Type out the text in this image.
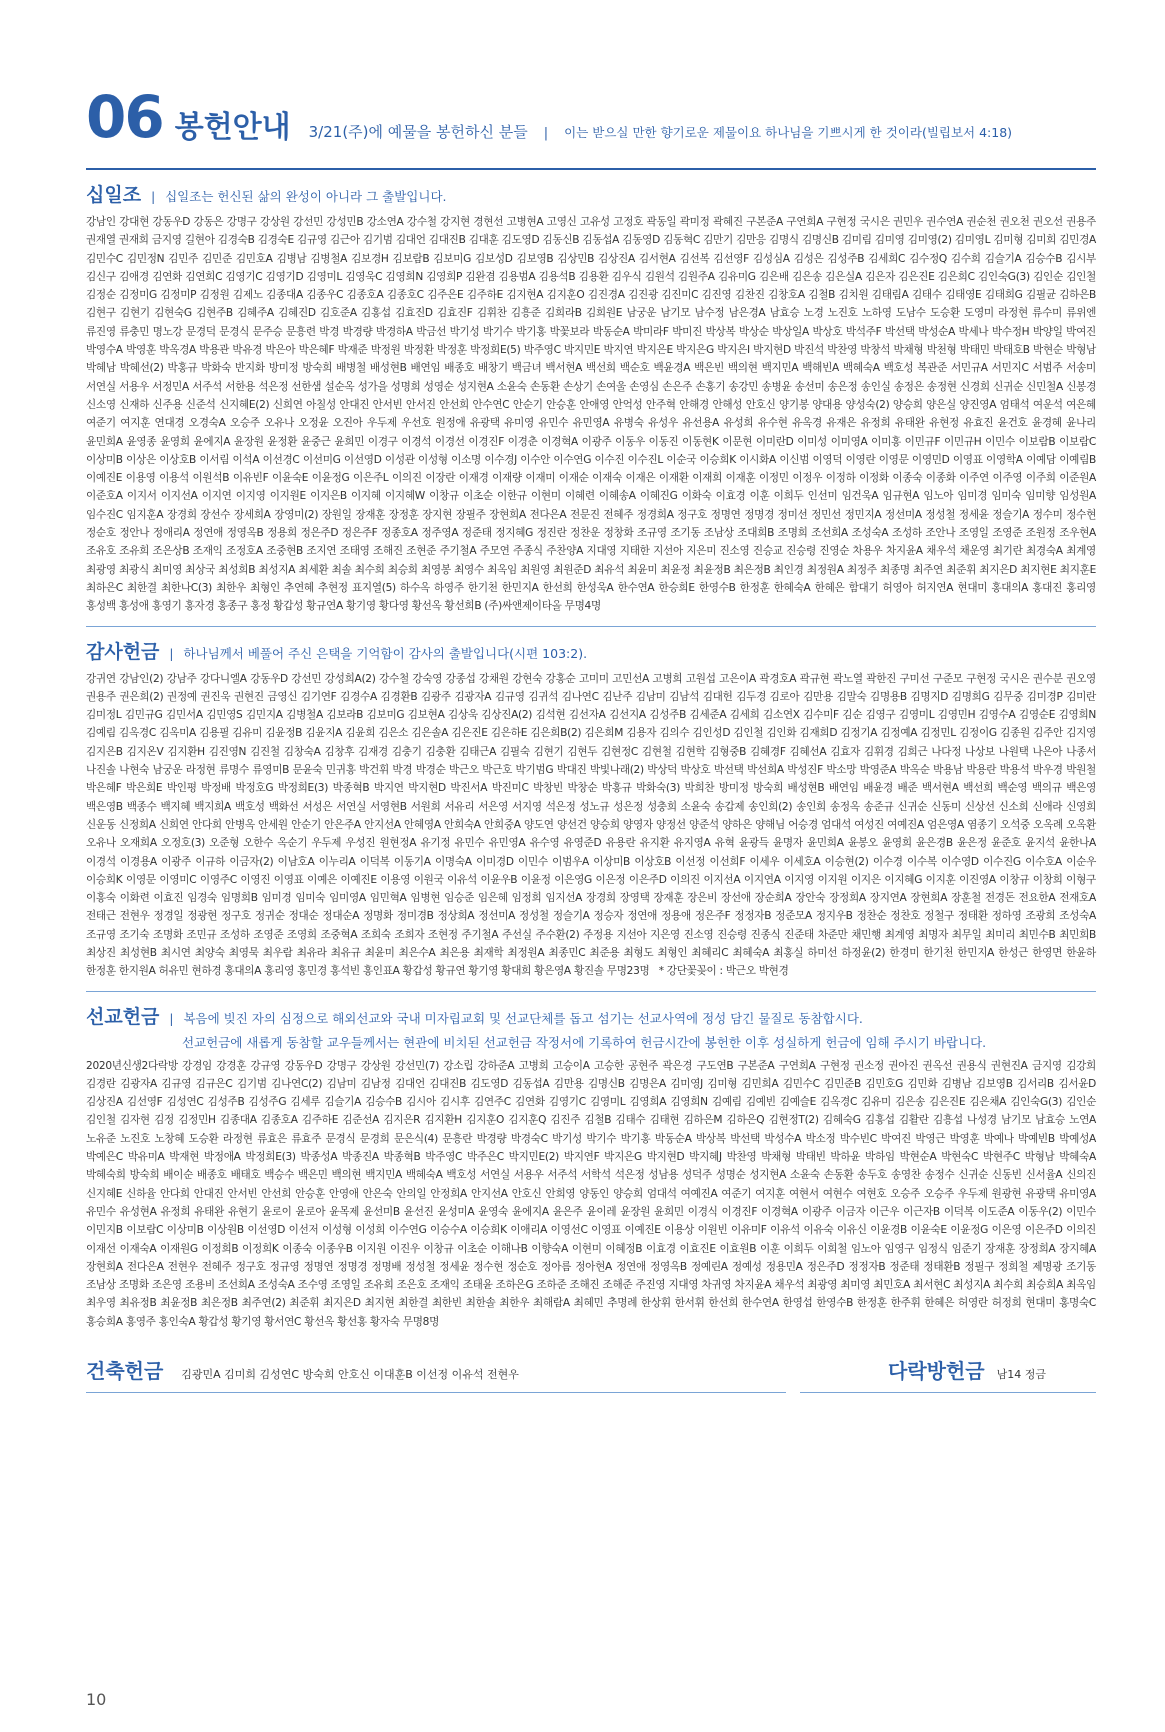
06 봉헌안내 3/21(주)에 예물을 봉헌하신 분들 | 이는 받으실 만한 향기로운 제물이요 하나님을 기쁘시게 한 것이라(빌립보서 4:18)
십일조 | 십일조는 헌신된 삶의 완성이 아니라 그 출발입니다.
강남인 강대현 강동우D 강동은 강명구 강상원 강선민 강성민B 강소연A 강수철 강지현 경현선 고병현A 고영신 고유성 고정호 곽동일 곽미정 곽혜진 구본준A 구연희A 구현정 국시은 권민우 권수연A 권순천 권오천 권오선 권용주 권재열 권재희 금지영 길현아 김경숙B 김경숙E 김규영 김근아 김기범 김대언 김대진B 김대훈 김도영D 김동신B 김동섭A 김동영D 김동혁C 김만기 김만응 김명식 김명신B 김미림 김미영 김미영(2) 김미영L 김미형 김미희 김민경A 김민수C 김민정N 김민주 김민준 김민호A 김병남 김병철A 김보경H 김보람B 김보미G 김보성D 김보영B 김상민B 김상진A 김서현A 김선복 김선영F 김성심A 김성은 김성주B 김세희C 김수정Q 김수희 김슬기A 김승수B 김시부 김신구 김애경 김연화 김연희C 김영기C 김영기D 김영미L 김영욱C 김영희N 김영희P 김완겸 김용범A 김용석B 김용환 김우식 김원석 김원주A 김유미G 김은배 김은송 김은실A 김은자 김은진E 김은희C 김인숙G(3) 김인순 김인철 김정순 김정미G 김정미P 김정원 김제노 김종대A 김종우C 김종호A 김종호C 김주은E 김주하E 김지현A 김지훈O 김진경A 김진광 김진미C 김진영 김찬진 김창호A 김철B 김치원 김태림A 김태수 김태영E 김태희G 김필균 김하은B 김현구 김현기 김현숙G 김현주B 김혜주A 김혜진D 김호준A 김홍섭 김효진D 김효진F 김휘찬 김흥준 김희라B 김희원E 남궁운 남기모 남수정 남은경A 남효승 노경 노진호 노하영 도남수 도승환 도영미 라정현 류수미 류위엔 류진영 류충민 명노강 문경덕 문경식 문주승 문흥련 박경 박경량 박경하A 박금선 박기성 박기수 박기홍 박꽃보라 박동순A 박미라F 박미진 박상복 박상순 박상일A 박상호 박석주F 박선택 박성순A 박세나 박수정H 박양일 박여진 박영수A 박영훈 박옥경A 박용관 박유경 박은아 박은혜F 박재준 박정원 박정환 박정훈 박정희E(5) 박주영C 박지민E 박지연 박지은E 박지은G 박지은I 박지현D 박진석 박찬영 박창석 박채형 박천형 박태민 박태호B 박현순 박형남 박혜남 박혜선(2) 박홍규 박화숙 반지화 방미정 방숙희 배병철 배성현B 배연임 배종호 배창기 백금녀 백서현A 백선희 백순호 백윤경A 백은빈 백의현 백지민A 백해빈A 백혜숙A 백호성 복관준 서민규A 서민지C 서범주 서송미 서연실 서용우 서정민A 서주석 서한용 석은정 선한샘 설순옥 성가을 성명희 성영순 성지현A 소윤숙 손동환 손상기 손여울 손영심 손은주 손홍기 송강민 송병윤 송선미 송은정 송인실 송정은 송정현 신경희 신귀순 신민철A 신봉경 신소영 신재하 신주용 신준석 신지혜E(2) 신희연 아칠성 안대진 안서빈 안서진 안선희 안수연C 안순기 안승훈 안애영 안억성 안주혁 안해경 안해성 안호신 양기봉 양대용 양성숙(2) 양승희 양은실 양진영A 엄태석 여운석 여은혜 여준기 여지훈 연대경 오경숙A 오승주 오유나 오정윤 오진아 우두제 우선호 원정애 유광택 유미영 유민수 유민영A 유병숙 유성우 유선용A 유성희 유수현 유옥경 유재은 유정희 유태완 유현정 유효진 윤건호 윤경혜 윤나리 윤민희A 윤영종 윤영희 윤에지A 윤장원 윤정환 윤중근 윤희민 이경구 이경석 이경선 이경진F 이경춘 이경혁A 이광주 이동우 이동진 이동현K 이문현 이미란D 이미성 이미영A 이미홍 이민규F 이민규H 이민수 이보람B 이보람C 이상미B 이상은 이상호B 이서림 이석A 이선경C 이선미G 이선영D 이성관 이성형 이소명 이수경J 이수안 이수연G 이수진 이수진L 이순국 이승희K 이시화A 이신범 이영덕 이영란 이영문 이영민D 이영표 이영학A 이예담 이예림B 이예진E 이용영 이용석 이원석B 이유빈F 이윤숙E 이윤정G 이은주L 이의진 이장란 이재경 이재량 이재미 이재순 이재숙 이재은 이재환 이재희 이재훈 이정민 이정우 이정하 이정화 이종숙 이종화 이주연 이주영 이주희 이준원A 이준호A 이지서 이지선A 이지연 이지영 이지원E 이지은B 이지혜 이지혜W 이창규 이초순 이한규 이현미 이혜련 이혜송A 이혜진G 이화숙 이효경 이훈 이희두 인선미 임건욱A 임규현A 임노아 임미경 임미숙 임미향 임성원A 임수진C 임지훈A 장경희 장선수 장세희A 장영미(2) 장원일 장재훈 장정훈 장지현 장필주 장현희A 전다은A 전문진 전혜주 정경희A 정구호 정명연 정명경 정미선 정민선 정민지A 정선미A 정성철 정세윤 정슬기A 정수미 정수현 정순호 정안나 정애리A 정연애 정영옥B 정용희 정은주D 정은주F 정종호A 정주영A 정준태 정지혜G 정진란 정찬운 정창화 조규영 조기동 조남상 조대희B 조명희 조선희A 조성숙A 조성하 조안나 조영일 조영준 조원정 조우현A 조유호 조유희 조은상B 조재익 조정호A 조중현B 조지연 조태영 조해진 조현준 주기철A 주모연 주종식 주찬양A 지대영 지태한 지선아 지은미 진소영 진승교 진승령 진영순 차용우 차지윤A 채우석 채운영 최기란 최경숙A 최계영 최광영 최광식 최미영 최상국 최성희B 최성지A 최세환 최솔 최수희 최승희 최영봉 최영수 최옥임 최원영 최원준D 최유석 최윤미 최윤정 최윤정B 최은정B 최인경 최정원A 최정주 최종명 최주연 최준휘 최지은D 최지현E 최지훈E 최하은C 최한결 최한나C(3) 최한우 최형인 추연혜 추현정 표지열(5) 하수옥 하영주 한기천 한민지A 한선희 한성욱A 한수연A 한승희E 한영수B 한정훈 한혜숙A 한혜은 함대기 허영아 허지연A 현대미 홍대의A 홍대진 홍리영 홍성백 홍성애 홍영기 홍자경 홍종구 홍정 황갑성 황규연A 황기영 황다영 황선옥 황선희B (주)싸앤제이타올 무명4명
감사헌금 | 하나님께서 베풀어 주신 은택을 기억함이 감사의 출발입니다(시편 103:2).
강귀연 강남인(2) 강남주 강다니엘A 강동우D 강선민 강성희A(2) 강수철 강숙영 강종섭 강채원 강현숙 강홍순 고미미 고민선A 고병희 고원섭 고은이A 곽경호A 곽규현 곽노열 곽한진 구미선 구준모 구현정 국시은 권수분 권오영 권용주 권은희(2) 권정예 권진욱 권현진 금영신 김기연F 김경수A 김경환B 김광주 김광자A 김규영 김귀석 김나연C 김난주 김남미 김남석 김대헌 김두경 김로아 김만용 김말숙 김명용B 김명지D 김명희G 김무중 김미경P 김미란 김미정L 김민규G 김민서A 김민영S 김민지A 김병철A 김보라B 김보미G 김보현A 김상욱 김상진A(2) 김석현 김선자A 김선지A 김성주B 김세준A 김세희 김소연X 김수미F 김순 김영구 김영미L 김영민H 김영수A 김영순E 김영희N 김예림 김옥경C 김옥미A 김용필 김유미 김윤정B 김윤지A 김윤희 김은소 김은솔A 김은진E 김은하E 김은희B(2) 김은희M 김용자 김의수 김인성D 김인철 김인화 김재희D 김정기A 김정예A 김정민L 김정이G 김종원 김주안 김지영 김지은B 김지온V 김지환H 김진영N 김진철 김창숙A 김창후 김재경 김충기 김충환 김태근A 김필숙 김현기 김현두 김현정C 김현철 김현학 김형중B 김혜경F 김혜선A 김효자 김휘경 김희근 나다정 나상보 나원택 나은아 나종서 나진솔 나현숙 남궁운 라정현 류명수 류영미B 문윤숙 민귀홍 박건휘 박경 박경순 박근오 박근호 박기범G 박대진 박빛나래(2) 박상덕 박상호 박선택 박선희A 박성진F 박소망 박영준A 박옥순 박용남 박용란 박용석 박우경 박원철 박은혜F 박은희E 박인평 박정배 박정호G 박정희E(3) 박종혁B 박지연 박지현D 박진서A 박진미C 박창빈 박창순 박홍규 박화숙(3) 박희찬 방미정 방숙희 배성현B 배연임 배윤경 배준 백서현A 백선희 백순영 백의규 백은영 백은영B 백종수 백지혜 백지희A 백호성 백화선 서성은 서연실 서영현B 서원희 서유리 서은영 서지영 석은정 성노규 성은정 성충희 소윤숙 송갑제 송인희(2) 송인희 송정옥 송준규 신귀순 신동미 신상선 신소희 신애라 신영희 신운동 신정희A 신희연 안다희 안병옥 안세원 안순기 안은주A 안지선A 안혜영A 안희숙A 안희중A 양도연 양선건 양승희 양영자 양정선 양준석 양하은 양해님 어승경 엄대석 여성진 여예진A 엄은영A 염종기 오석중 오옥례 오옥환 오유나 오재희A 오정호(3) 오준형 오한수 옥순기 우두제 우성진 원현정A 유기정 유민수 유민영A 유수영 유영준D 유용란 유지환 유지영A 유혁 윤광득 윤명자 윤민희A 윤봉오 윤영희 윤은경B 윤은정 윤준호 윤지석 윤한나A 이경석 이경용A 이광주 이규하 이금자(2) 이남호A 이누리A 이덕복 이동기A 이명숙A 이미경D 이민수 이범우A 이상미B 이상호B 이선정 이선희F 이세우 이세호A 이승현(2) 이수경 이수복 이수영D 이수진G 이수호A 이순우 이승희K 이영문 이영미C 이영주C 이영진 이영표 이예은 이예진E 이용영 이원국 이유석 이윤우B 이윤정 이은영G 이은정 이은주D 이의진 이지선A 이지연A 이지영 이지원 이지은 이지혜G 이지훈 이진영A 이창규 이창희 이형구 이홍숙 이화련 이효진 임경숙 임명희B 임미경 임미숙 임미영A 임민혁A 임병현 임승준 임은혜 임정희 임지선A 장경희 장영택 장재훈 장은비 장선애 장순희A 장안숙 장정희A 장지연A 장현희A 장훈철 전경돈 전요한A 전재호A 전태근 전현우 정경일 정광현 정구호 정귀순 정대순 정대순A 정명화 정미경B 정상희A 정선미A 정성철 정슬기A 정승자 정연애 정용애 정은주F 정정자B 정준모A 정지우B 정찬순 정찬호 정철구 정태환 정하영 조광희 조성숙A 조규영 조기숙 조명화 조민규 조성하 조영준 조영희 조중혁A 조희숙 조희자 조현정 주기철A 주선실 주수환(2) 주정용 지선아 지은영 진소영 진승령 진종식 진준태 차준만 채민행 최계영 최명자 최무일 최미리 최민수B 최민희B 최상진 최성현B 최시연 최양숙 최영묵 최우람 최유라 최유규 최윤미 최은수A 최은용 최재학 최정원A 최종민C 최준용 최형도 최형인 최혜리C 최혜숙A 최홍실 하미선 하정윤(2) 한경미 한기천 한민지A 한성근 한영면 한윤하 한정훈 한지원A 허유민 현하경 홍대의A 홍리영 홍민경 홍석빈 홍인표A 황갑성 황규연 황기영 황대희 황은영A 황진솔 무명23명 * 강단꽃꽂이 : 박근오 박현경
선교헌금 | 복음에 빚진 자의 심정으로 해외선교와 국내 미자립교회 및 선교단체를 돕고 섬기는 선교사역에 정성 담긴 물질로 동참합시다.
선교헌금에 새롭게 동참할 교우들께서는 현관에 비치된 선교헌금 작정서에 기록하여 헌금시간에 봉헌한 이후 성실하게 헌금에 임해 주시기 바랍니다.
2020년신생2다락방 강경임 강경훈 강규영 강동우D 강명구 강상원 강선민(7) 강소립 강하준A 고병희 고승이A 고승한 공현주 곽은경 구도연B 구본준A 구연희A 구현정 권소정 권아진 권옥선 권용식 권현진A 금지영 김강희 김경란 김광자A 김규영 김규은C 김기범 김나연C(2) 김남미 김남정 김대언 김대진B 김도영D 김동섭A 김만용 김명신B 김명은A 김미영J 김미형 김민희A 김민수C 김민준B 김민호G 김민화 김병남 김보영B 김서리B 김서윤D 김상진A 김선영F 김성연C 김성주B 김성주G 김세루 김슬기A 김승수B 김시아 김시후 김연주C 김연화 김영기C 김영미L 김영희A 김영희N 김예림 김예빈 김예슬E 김옥경C 김유미 김은송 김은진E 김은채A 김인숙G(3) 김인순 김인철 김자현 김정 김정민H 김종대A 김종호A 김주하E 김준선A 김지은R 김지환H 김지훈O 김지훈Q 김진주 김철B 김태수 김태현 김하은M 김하은Q 김현정T(2) 김혜숙G 김홍섭 김활란 김흥섭 나성경 남기모 남효승 노연A 노유준 노진호 노창혜 도승환 라정현 류효은 류효주 문경식 문경희 문은식(4) 문흥란 박경량 박경숙C 박기성 박기수 박기홍 박동순A 박상복 박선택 박성수A 박소정 박수빈C 박여진 박영근 박영훈 박예나 박예빈B 박예성A 박예은C 박유미A 박재현 박정애A 박정희E(3) 박종성A 박종진A 박종혁B 박주영C 박주은C 박지민E(2) 박지연F 박지은G 박지현D 박지혜J 박찬영 박채형 박태빈 박하윤 박하임 박현순A 박현숙C 박현주C 박형남 박혜숙A 박혜숙희 방숙희 배이순 배종호 배태호 백승수 백은민 백의현 백지민A 백혜숙A 백호성 서연실 서용우 서주석 서학석 석은정 성남용 성덕주 성명순 성지현A 소윤숙 손동환 송두호 송영찬 송정수 신귀순 신동빈 신서율A 신의진 신지혜E 신하율 안다희 안대진 안서빈 안선희 안승훈 안영애 안은숙 안의일 안정희A 안지선A 안호신 안희영 양동인 양승희 엄대석 여예진A 여준기 여지훈 여현서 여현수 여현호 오승주 오승주 우두제 원광현 유광택 유미영A 유민수 유성현A 유정희 유태완 유현기 윤로이 윤로아 윤목제 윤선미B 윤선진 윤성미A 윤영숙 윤에지A 윤은주 윤이레 윤장원 윤희민 이경식 이경진F 이경혁A 이광주 이금자 이근우 이근자B 이덕복 이도준A 이동우(2) 이민수 이민지B 이보람C 이상미B 이상원B 이선영D 이선저 이성형 이성희 이수연G 이승수A 이승희K 이애리A 이영선C 이영표 이예진E 이용상 이원빈 이유미F 이유석 이유숙 이유신 이윤경B 이윤숙E 이윤정G 이은영 이은주D 이의진 이재선 이재숙A 이재원G 이정희B 이정희K 이종숙 이종우B 이지원 이진우 이창규 이초순 이해나B 이향숙A 이현미 이혜정B 이효경 이효진E 이효원B 이훈 이희두 이희철 임노아 임영구 임정식 임준기 장재훈 장정희A 장지혜A 장현희A 전다은A 전현우 전혜주 정구호 정규영 정명연 정명경 정명배 정성철 정세윤 정수현 정순호 정아름 정아현A 정연애 정영옥B 정예린A 정예성 정용민A 정은주D 정정자B 정준태 정태환B 정필구 정희철 제명광 조기동 조남상 조명화 조은영 조용비 조선희A 조성숙A 조수영 조영일 조유희 조은호 조재익 조태윤 조하은G 조하준 조해진 조해준 주진영 지대영 차귀영 차지윤A 채우석 최광영 최미영 최민호A 최서현C 최성지A 최수희 최승희A 최옥임 최우영 최유정B 최윤정B 최은정B 최주연(2) 최준휘 최지은D 최지현 최한결 최한빈 최한솔 최한우 최해람A 최혜민 추명례 한상휘 한서휘 한선희 한수연A 한영섭 한영수B 한정훈 한주휘 한혜은 허영란 허정희 현대미 홍명숙C 홍승희A 홍영주 홍인숙A 황갑성 황기영 황서연C 황선옥 황선홍 황자숙 무명8명
건축헌금 김광민A 김미희 김성연C 방숙희 안호신 이대훈B 이선정 이유석 전현우	다락방헌금 남14 정금
10
